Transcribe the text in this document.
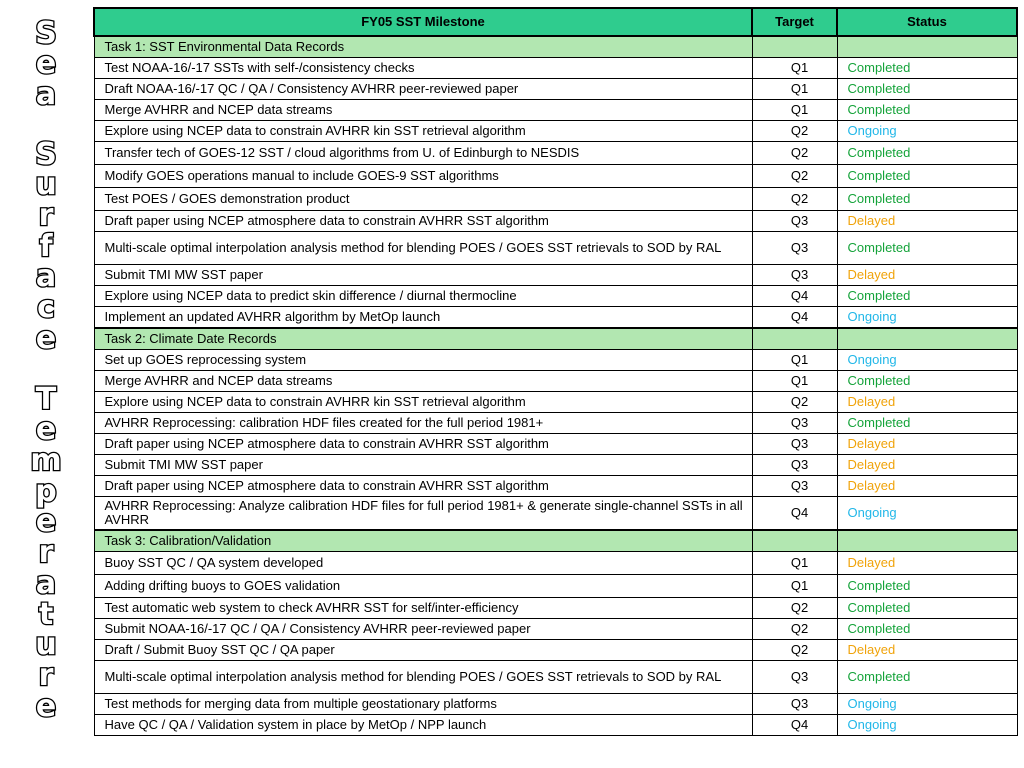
S
e
a
S
u
r
f
a
c
e
T
e
m
p
e
r
a
t
u
r
e
FY05 SST Milestone	Target	Status
Task 1: SST Environmental Data Records		
Test NOAA-16/-17 SSTs with self-/consistency checks	Q1	Completed
Draft NOAA-16/-17 QC / QA / Consistency AVHRR peer-reviewed paper	Q1	Completed
Merge AVHRR and NCEP data streams	Q1	Completed
Explore using NCEP data to constrain AVHRR kin SST retrieval algorithm	Q2	Ongoing
Transfer tech of GOES-12 SST / cloud algorithms from U. of Edinburgh to NESDIS	Q2	Completed
Modify GOES operations manual to include GOES-9 SST algorithms	Q2	Completed
Test POES / GOES demonstration product	Q2	Completed
Draft paper using NCEP atmosphere data to constrain AVHRR SST algorithm	Q3	Delayed
Multi-scale optimal interpolation analysis method for blending POES / GOES SST retrievals to SOD by RAL	Q3	Completed
Submit TMI MW SST paper	Q3	Delayed
Explore using NCEP data to predict skin difference / diurnal thermocline	Q4	Completed
Implement an updated AVHRR algorithm by MetOp launch	Q4	Ongoing
Task 2: Climate Date Records		
Set up GOES reprocessing system	Q1	Ongoing
Merge AVHRR and NCEP data streams	Q1	Completed
Explore using NCEP data to constrain AVHRR kin SST retrieval algorithm	Q2	Delayed
AVHRR Reprocessing: calibration HDF files created for the full period 1981+	Q3	Completed
Draft paper using NCEP atmosphere data to constrain AVHRR SST algorithm	Q3	Delayed
Submit TMI MW SST paper	Q3	Delayed
Draft paper using NCEP atmosphere data to constrain AVHRR SST algorithm	Q3	Delayed
AVHRR Reprocessing: Analyze calibration HDF files for full period 1981+ & generate single-channel SSTs in all AVHRR	Q4	Ongoing
Task 3: Calibration/Validation		
Buoy SST QC / QA system developed	Q1	Delayed
Adding drifting buoys to GOES validation	Q1	Completed
Test automatic web system to check AVHRR SST for self/inter-efficiency	Q2	Completed
Submit NOAA-16/-17 QC / QA / Consistency AVHRR peer-reviewed paper	Q2	Completed
Draft / Submit Buoy SST QC / QA paper	Q2	Delayed
Multi-scale optimal interpolation analysis method for blending POES / GOES SST retrievals to SOD by RAL	Q3	Completed
Test methods for merging data from multiple geostationary platforms	Q3	Ongoing
Have QC / QA / Validation system in place by MetOp / NPP launch	Q4	Ongoing
